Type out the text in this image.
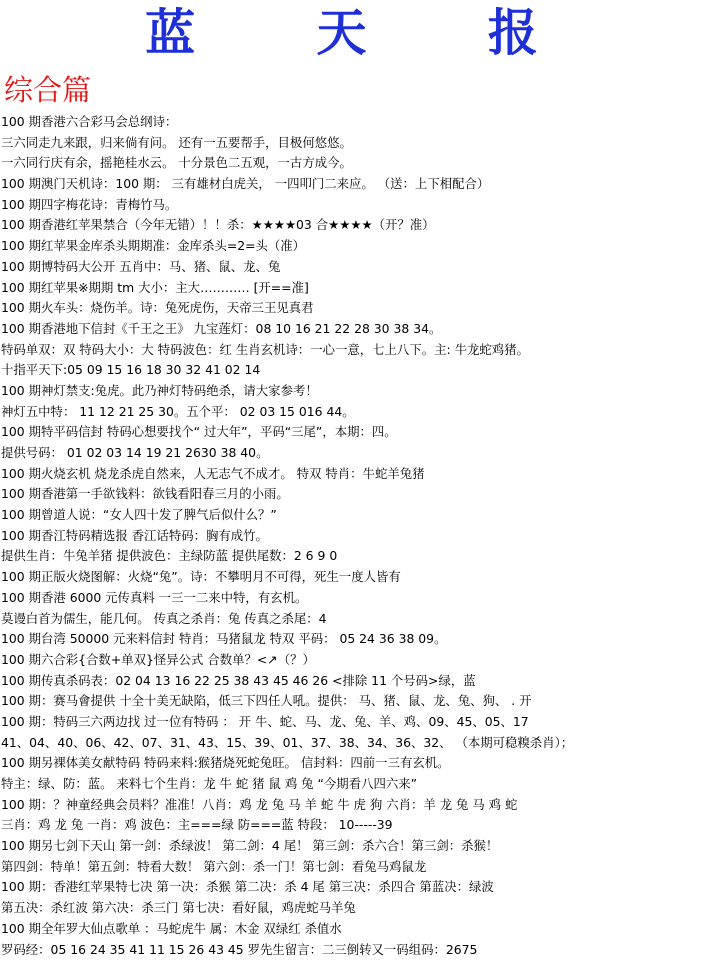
蓝 天 报
综合篇
100 期香港六合彩马会总纲诗：
三六同走九来跟，归来倘有问。 还有一五要帮手，目极何悠悠。
一六同行庆有余，摇艳桂水云。 十分景色二五观，一古方成今。
100 期澳门天机诗：100 期： 三有雄材白虎关， 一四叩门二来应。 （送：上下相配合）
100 期四字梅花诗：青梅竹马。
100 期香港红苹果禁合（今年无错）！！杀：★★★★03 合★★★★（开？准）
100 期红苹果金库杀头期期准：金库杀头=2=头（准）
100 期博特码大公开 五肖中：马、猪、鼠、龙、兔
100 期红苹果※期期 tm 大小：主大………… [开==准]
100 期火车头：烧伤羊。诗：兔死虎伤，天帝三王见真君
100 期香港地下信封《千王之王》 九宝莲灯：08 10 16 21 22 28 30 38 34。
特码单双：双 特码大小：大 特码波色：红 生肖玄机诗：一心一意，七上八下。主: 牛龙蛇鸡猪。
十指平天下:05 09 15 16 18 30 32 41 02 14
100 期神灯禁支:兔虎。此乃神灯特码绝杀，请大家参考！
神灯五中特： 11 12 21 25 30。五个平： 02 03 15 016 44。
100 期特平码信封 特码心想要找个“ 过大年”，平码“三尾”，本期：四。
提供号码： 01 02 03 14 19 21 2630 38 40。
100 期火烧玄机 烧龙杀虎自然来，人无志气不成才。 特双 特肖：牛蛇羊兔猪
100 期香港第一手欲钱料：欲钱看阳春三月的小雨。
100 期曾道人说：“女人四十发了脾气后似什么？”
100 期香江特码精选报 香江话特码：胸有成竹。
提供生肖：牛兔羊猪 提供波色：主绿防蓝 提供尾数：2 6 9 0
100 期正版火烧图解：火烧“兔”。诗：不攀明月不可得，死生一度人皆有
100 期香港 6000 元传真料 一三一二来中特，有玄机。
莫谩白首为儒生，能几何。 传真之杀肖：兔 传真之杀尾：4
100 期台湾 50000 元来料信封 特肖：马猪鼠龙 特双 平码： 05 24 36 38 09。
100 期六合彩{合数+单双}怪异公式 合数单？<↗（？）
100 期传真杀码表：02 04 13 16 22 25 38 43 45 46 26 <排除 11 个号码>绿，蓝
100 期：赛马會提供 十全十美无缺陷，低三下四任人吼。提供： 马、猪、鼠、龙、兔、狗、 . 开
100 期：特码三六两边找 过一位有特码 ： 开 牛、蛇、马、龙、兔、羊、鸡、09、45、05、17
41、04、40、06、42、07、31、43、15、39、01、37、38、34、36、32、 （本期可稳糗杀肖）；
100 期另裸体美女献特码 特码来料:猴猪烧死蛇兔旺。 信封料：四前一三有玄机。
特主：绿、防：蓝。 来料七个生肖：龙 牛 蛇 猪 鼠 鸡 兔 “今期看八四六来”
100 期：？神童经典会员料？准准！八肖：鸡 龙 兔 马 羊 蛇 牛 虎 狗 六肖：羊 龙 兔 马 鸡 蛇
三肖：鸡 龙 兔 一肖：鸡 波色：主===绿 防===蓝 特段： 10-----39
100 期另七剑下天山 第一剑：杀绿波！ 第二剑：4 尾！ 第三剑：杀六合！第三剑：杀猴！
第四剑：特单！第五剑：特看大数！ 第六剑：杀一门！第七剑：看兔马鸡鼠龙
100 期：香港红苹果特七决 第一决：杀猴 第二决：杀 4 尾 第三决：杀四合 第蓝决：绿波
第五决：杀红波 第六决：杀三门 第七决：看好鼠，鸡虎蛇马羊兔
100 期全年罗大仙点歌单 ：马蛇虎牛 属：木金 双绿红 杀值水
罗码经：05 16 24 35 41 11 15 26 43 45 罗先生留言：二三倒转又一码组码：2675
